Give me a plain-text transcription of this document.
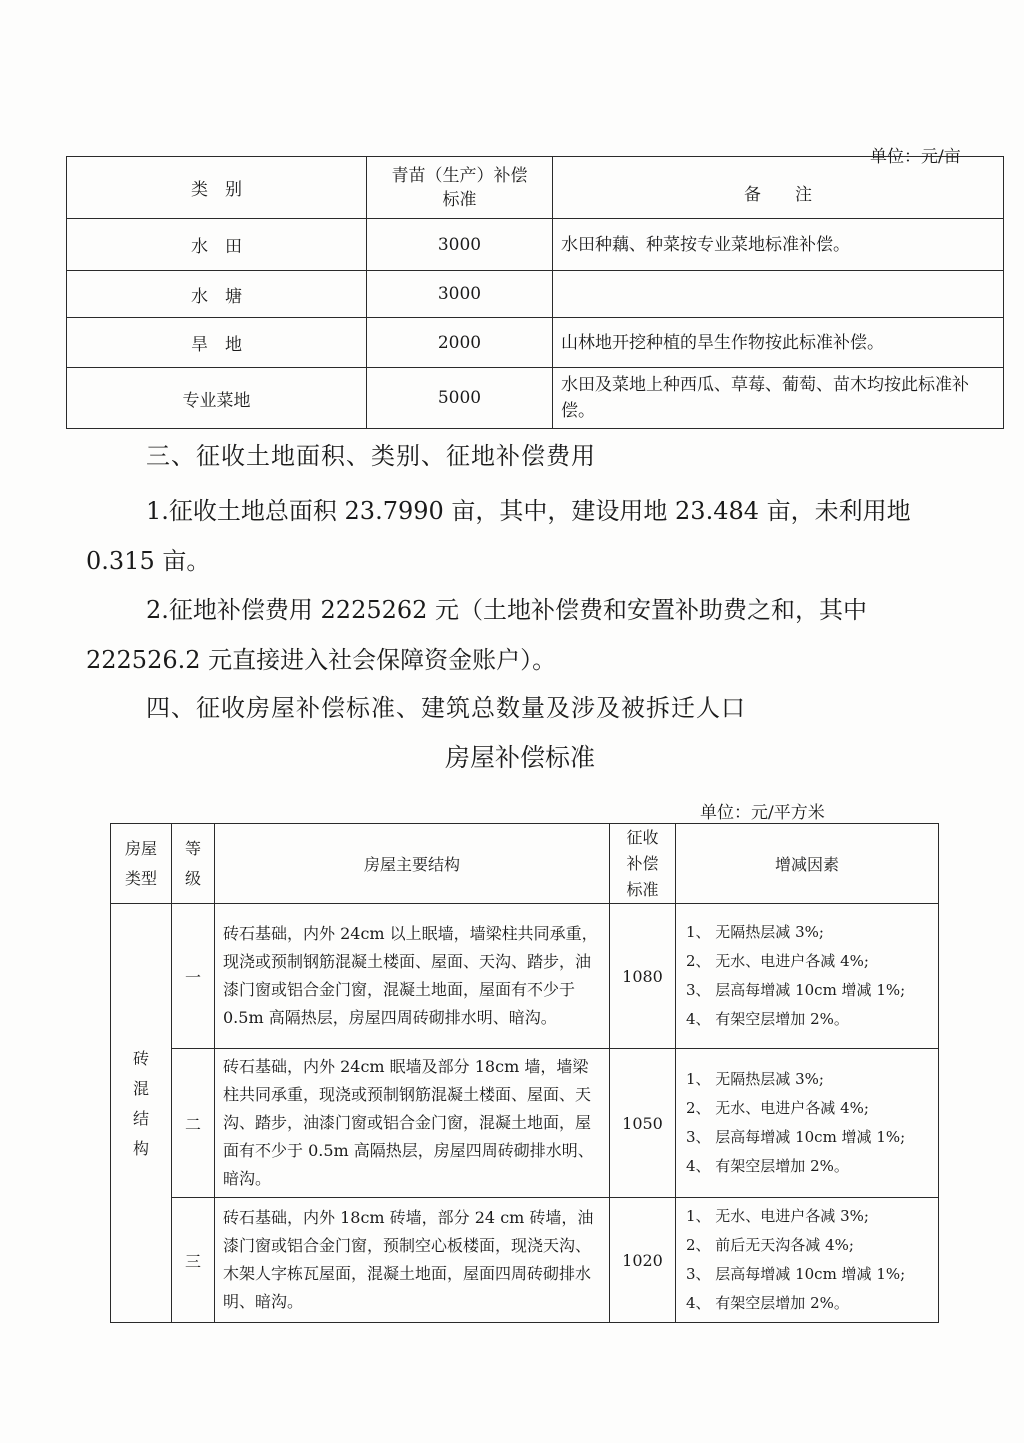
单位：元/亩
类　别	青苗（生产）补偿标准	备　　注
水　田	3000	水田种藕、种菜按专业菜地标准补偿。
水　塘	3000	
旱　地	2000	山林地开挖种植的旱生作物按此标准补偿。
专业菜地	5000	水田及菜地上种西瓜、草莓、葡萄、苗木均按此标准补偿。
三、征收土地面积、类别、征地补偿费用
1.征收土地总面积 23.7990 亩，其中，建设用地 23.484 亩，未利用地
0.315 亩。
2.征地补偿费用 2225262 元（土地补偿费和安置补助费之和，其中
222526.2 元直接进入社会保障资金账户）。
四、征收房屋补偿标准、建筑总数量及涉及被拆迁人口
房屋补偿标准
单位：元/平方米
房屋类型	等级	房屋主要结构	征收补偿标准	增减因素
砖混结构	一	砖石基础，内外 24cm 以上眠墙，墙梁柱共同承重，现浇或预制钢筋混凝土楼面、屋面、天沟、踏步，油漆门窗或铝合金门窗，混凝土地面，屋面有不少于 0.5m 高隔热层，房屋四周砖砌排水明、暗沟。	1080	1、 无隔热层减 3%;
2、 无水、电进户各减 4%;
3、 层高每增减 10cm 增减 1%;
4、 有架空层增加 2%。

	二	砖石基础，内外 24cm 眠墙及部分 18cm 墙，墙梁柱共同承重，现浇或预制钢筋混凝土楼面、屋面、天沟、踏步，油漆门窗或铝合金门窗，混凝土地面，屋面有不少于 0.5m 高隔热层，房屋四周砖砌排水明、暗沟。	1050	1、 无隔热层减 3%;
2、 无水、电进户各减 4%;
3、 层高每增减 10cm 增减 1%;
4、 有架空层增加 2%。

	三	砖石基础，内外 18cm 砖墙，部分 24 cm 砖墙，油漆门窗或铝合金门窗，预制空心板楼面，现浇天沟、木架人字栋瓦屋面，混凝土地面，屋面四周砖砌排水明、暗沟。	1020	1、 无水、电进户各减 3%;
2、 前后无天沟各减 4%;
3、 层高每增减 10cm 增减 1%;
4、 有架空层增加 2%。
